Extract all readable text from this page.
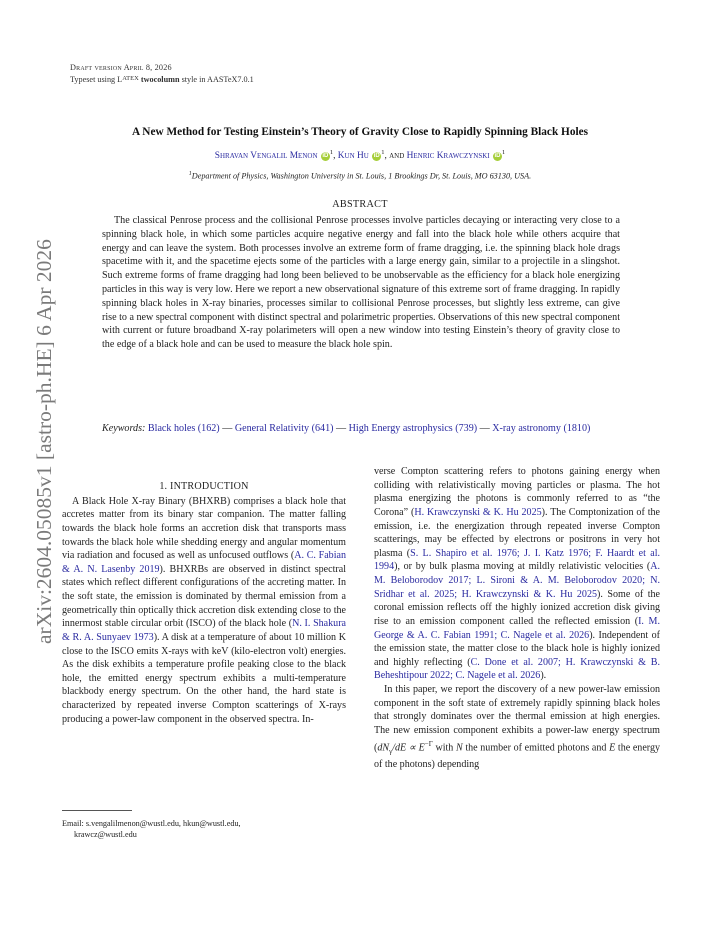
arXiv:2604.05085v1 [astro-ph.HE] 6 Apr 2026
Draft version April 8, 2026
Typeset using $L^{ATEX}$ twocolumn style in AASTeX7.0.1
A New Method for Testing Einstein’s Theory of Gravity Close to Rapidly Spinning Black Holes
Shravan Vengalil Menon $iD^1$, Kun Hu $iD^1$, and Henric Krawczynski $iD^1$
$^1$Department of Physics, Washington University in St. Louis, 1 Brookings Dr, St. Louis, MO 63130, USA.
ABSTRACT
The classical Penrose process and the collisional Penrose processes involve particles decaying or interacting very close to a spinning black hole, in which some particles acquire negative energy and fall into the black hole while others acquire that energy and can leave the system. Both processes involve an extreme form of frame dragging, i.e. the spinning black hole drags spacetime with it, and the spacetime ejects some of the particles with a large energy gain, similar to a projectile in a slingshot. Such extreme forms of frame dragging had long been believed to be unobservable as the efficiency for a black hole energizing particles in this way is very low. Here we report a new observational signature of this extreme sort of frame dragging. In rapidly spinning black holes in X-ray binaries, processes similar to collisional Penrose processes, but slightly less extreme, can give rise to a new spectral component with distinct spectral and polarimetric properties. Observations of this new spectral component with current or future broadband X-ray polarimeters will open a new window into testing Einstein’s theory of gravity close to the edge of a black hole and can be used to measure the black hole spin.
Keywords: Black holes (162) — General Relativity (641) — High Energy astrophysics (739) — X-ray astronomy (1810)
1. INTRODUCTION

A Black Hole X-ray Binary (BHXRB) comprises a black hole that accretes matter from its binary star companion. The matter falling towards the black hole forms an accretion disk that transports mass towards the black hole while shedding energy and angular momentum via radiation and focused as well as unfocused outflows (A. C. Fabian & A. N. Lasenby 2019). BHXRBs are observed in distinct spectral states which reflect different configurations of the accreting matter. In the soft state, the emission is dominated by thermal emission from a geometrically thin optically thick accretion disk extending close to the innermost stable circular orbit (ISCO) of the black hole (N. I. Shakura & R. A. Sunyaev 1973). A disk at a temperature of about 10 million K close to the ISCO emits X-rays with keV (kilo-electron volt) energies. As the disk exhibits a temperature profile peaking close to the black hole, the emitted energy spectrum exhibits a multi-temperature blackbody energy spectrum. On the other hand, the hard state is characterized by repeated inverse Compton scatterings of X-rays producing a power-law component in the observed spectra. In-

verse Compton scattering refers to photons gaining energy when colliding with relativistically moving particles or plasma. The hot plasma energizing the photons is commonly referred to as “the Corona” (H. Krawczynski & K. Hu 2025). The Comptonization of the emission, i.e. the energization through repeated inverse Compton scatterings, may be effected by electrons or positrons in very hot plasma (S. L. Shapiro et al. 1976; J. I. Katz 1976; F. Haardt et al. 1994), or by bulk plasma moving at mildly relativistic velocities (A. M. Beloborodov 2017; L. Sironi & A. M. Beloborodov 2020; N. Sridhar et al. 2025; H. Krawczynski & K. Hu 2025). Some of the coronal emission reflects off the highly ionized accretion disk giving rise to an emission component called the reflected emission (I. M. George & A. C. Fabian 1991; C. Nagele et al. 2026). Independent of the emission state, the matter close to the black hole is highly ionized and highly reflecting (C. Done et al. 2007; H. Krawczynski & B. Beheshtipour 2022; C. Nagele et al. 2026).

In this paper, we report the discovery of a new power-law emission component in the soft state of extremely rapidly spinning black holes that strongly dominates over the thermal emission at high energies. The new emission component exhibits a power-law energy spectrum ($dN_\gamma/dE \propto E^{-\Gamma}$ with N the number of emitted photons and E the energy of the photons) depending

Email: s.vengalilmenon@wustl.edu, hkun@wustl.edu,
krawcz@wustl.edu
